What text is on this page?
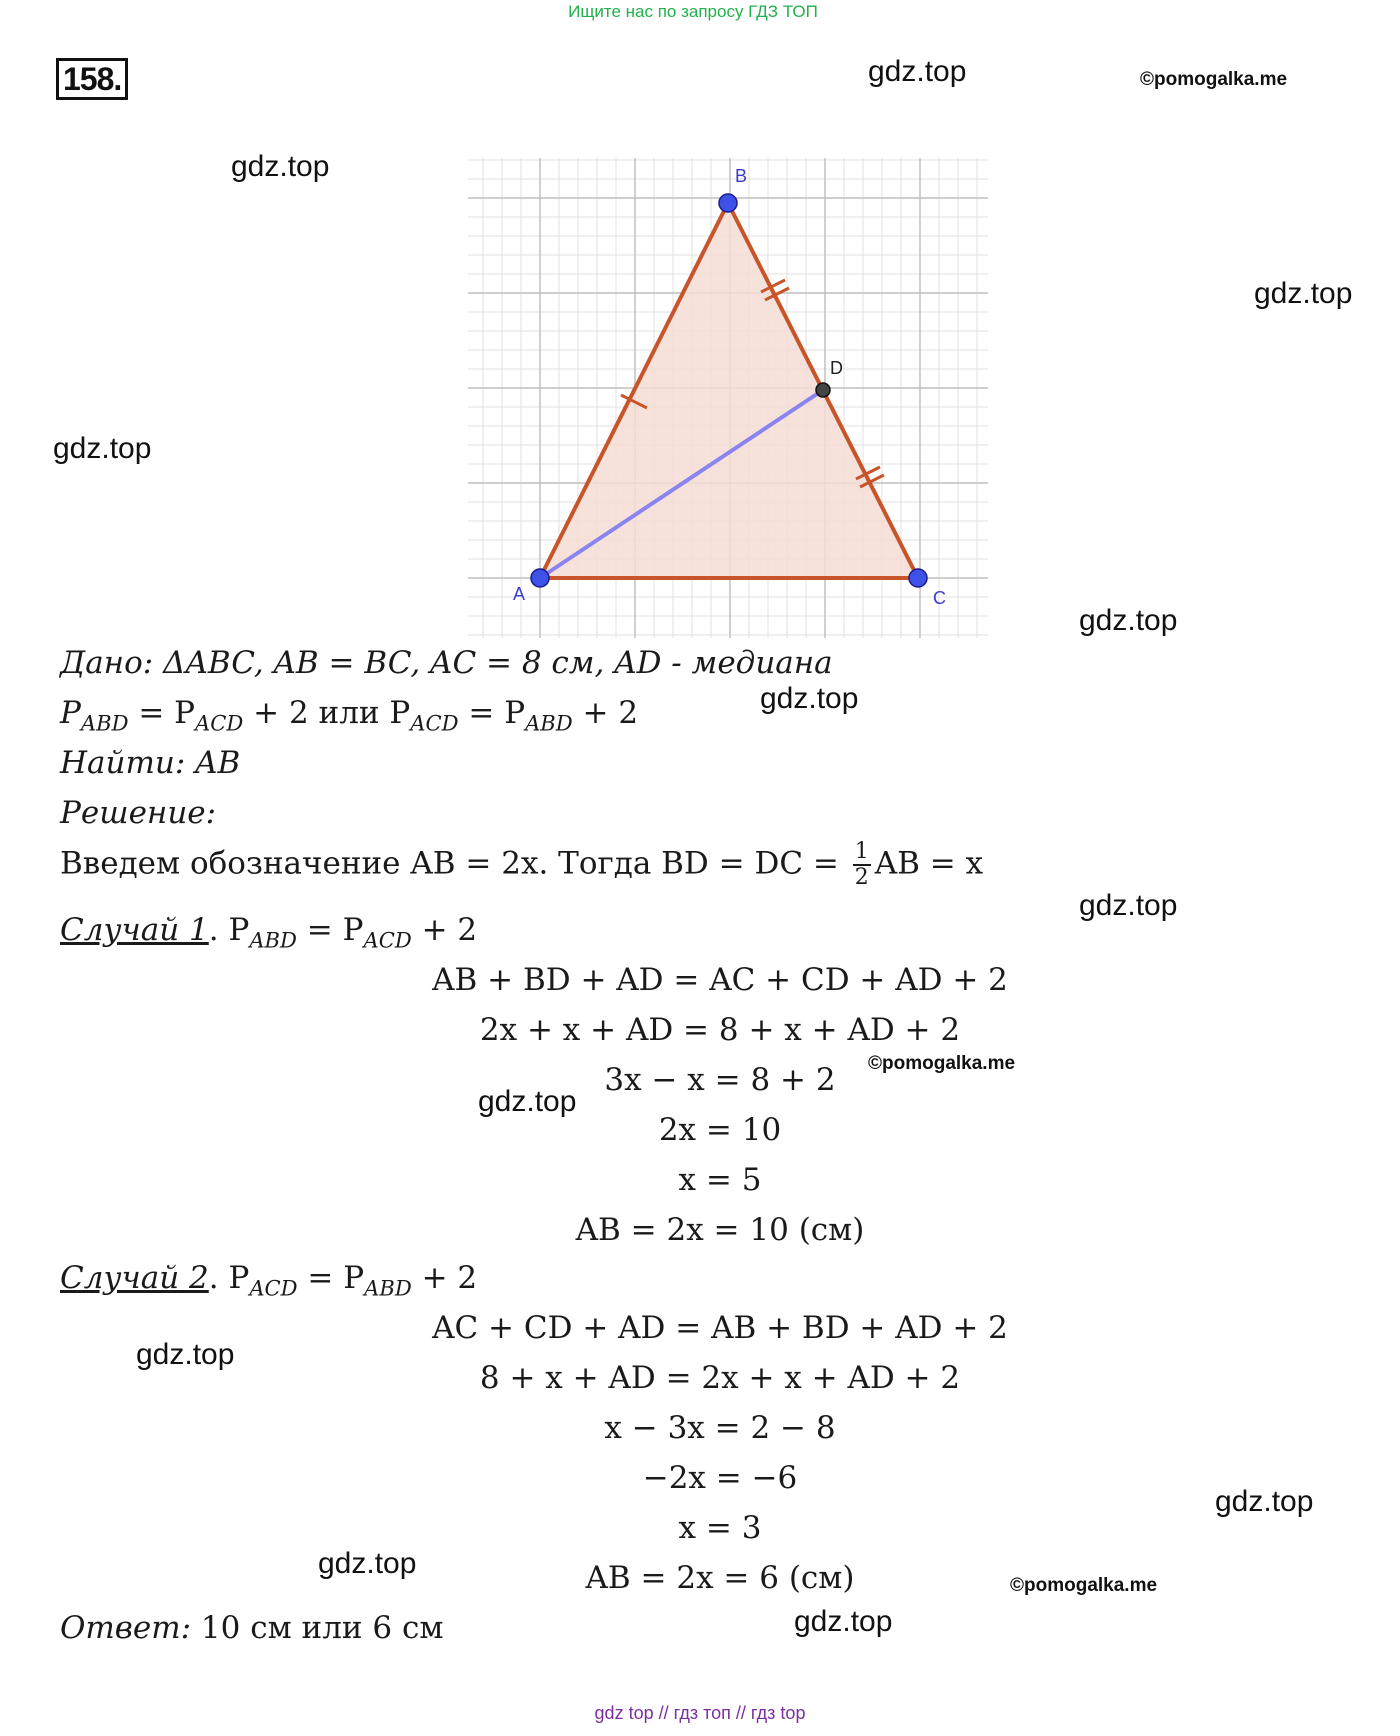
Ищите нас по запросу ГДЗ ТОП
158.	gdz.top	©pomogalka.me
gdz.top
gdz.top
gdz.top
gdz.top
gdz.top
gdz.top
©pomogalka.me
gdz.top
gdz.top
gdz.top
gdz.top
©pomogalka.me
gdz.top
A
B
C
D
Дано: ΔABC, AB = BC, AC = 8 см, AD - медиана
$P_{ABD} = P_{ACD} + 2$ или $P_{ACD} = P_{ABD} + 2$
Найти: AB
Решение:
Введем обозначение AB = 2x. Тогда BD = DC = $\frac{1}{2}$ AB = x
Случай 1. $P_{ABD} = P_{ACD} + 2$
AB + BD + AD = AC + CD + AD + 2
2x + x + AD = 8 + x + AD + 2
3x − x = 8 + 2
2x = 10
x = 5
AB = 2x = 10 (см)
Случай 2. $P_{ACD} = P_{ABD} + 2$
AC + CD + AD = AB + BD + AD + 2
8 + x + AD = 2x + x + AD + 2
x − 3x = 2 − 8
−2x = −6
x = 3
AB = 2x = 6 (см)
Ответ: 10 см или 6 см
gdz top // гдз топ // гдз top
